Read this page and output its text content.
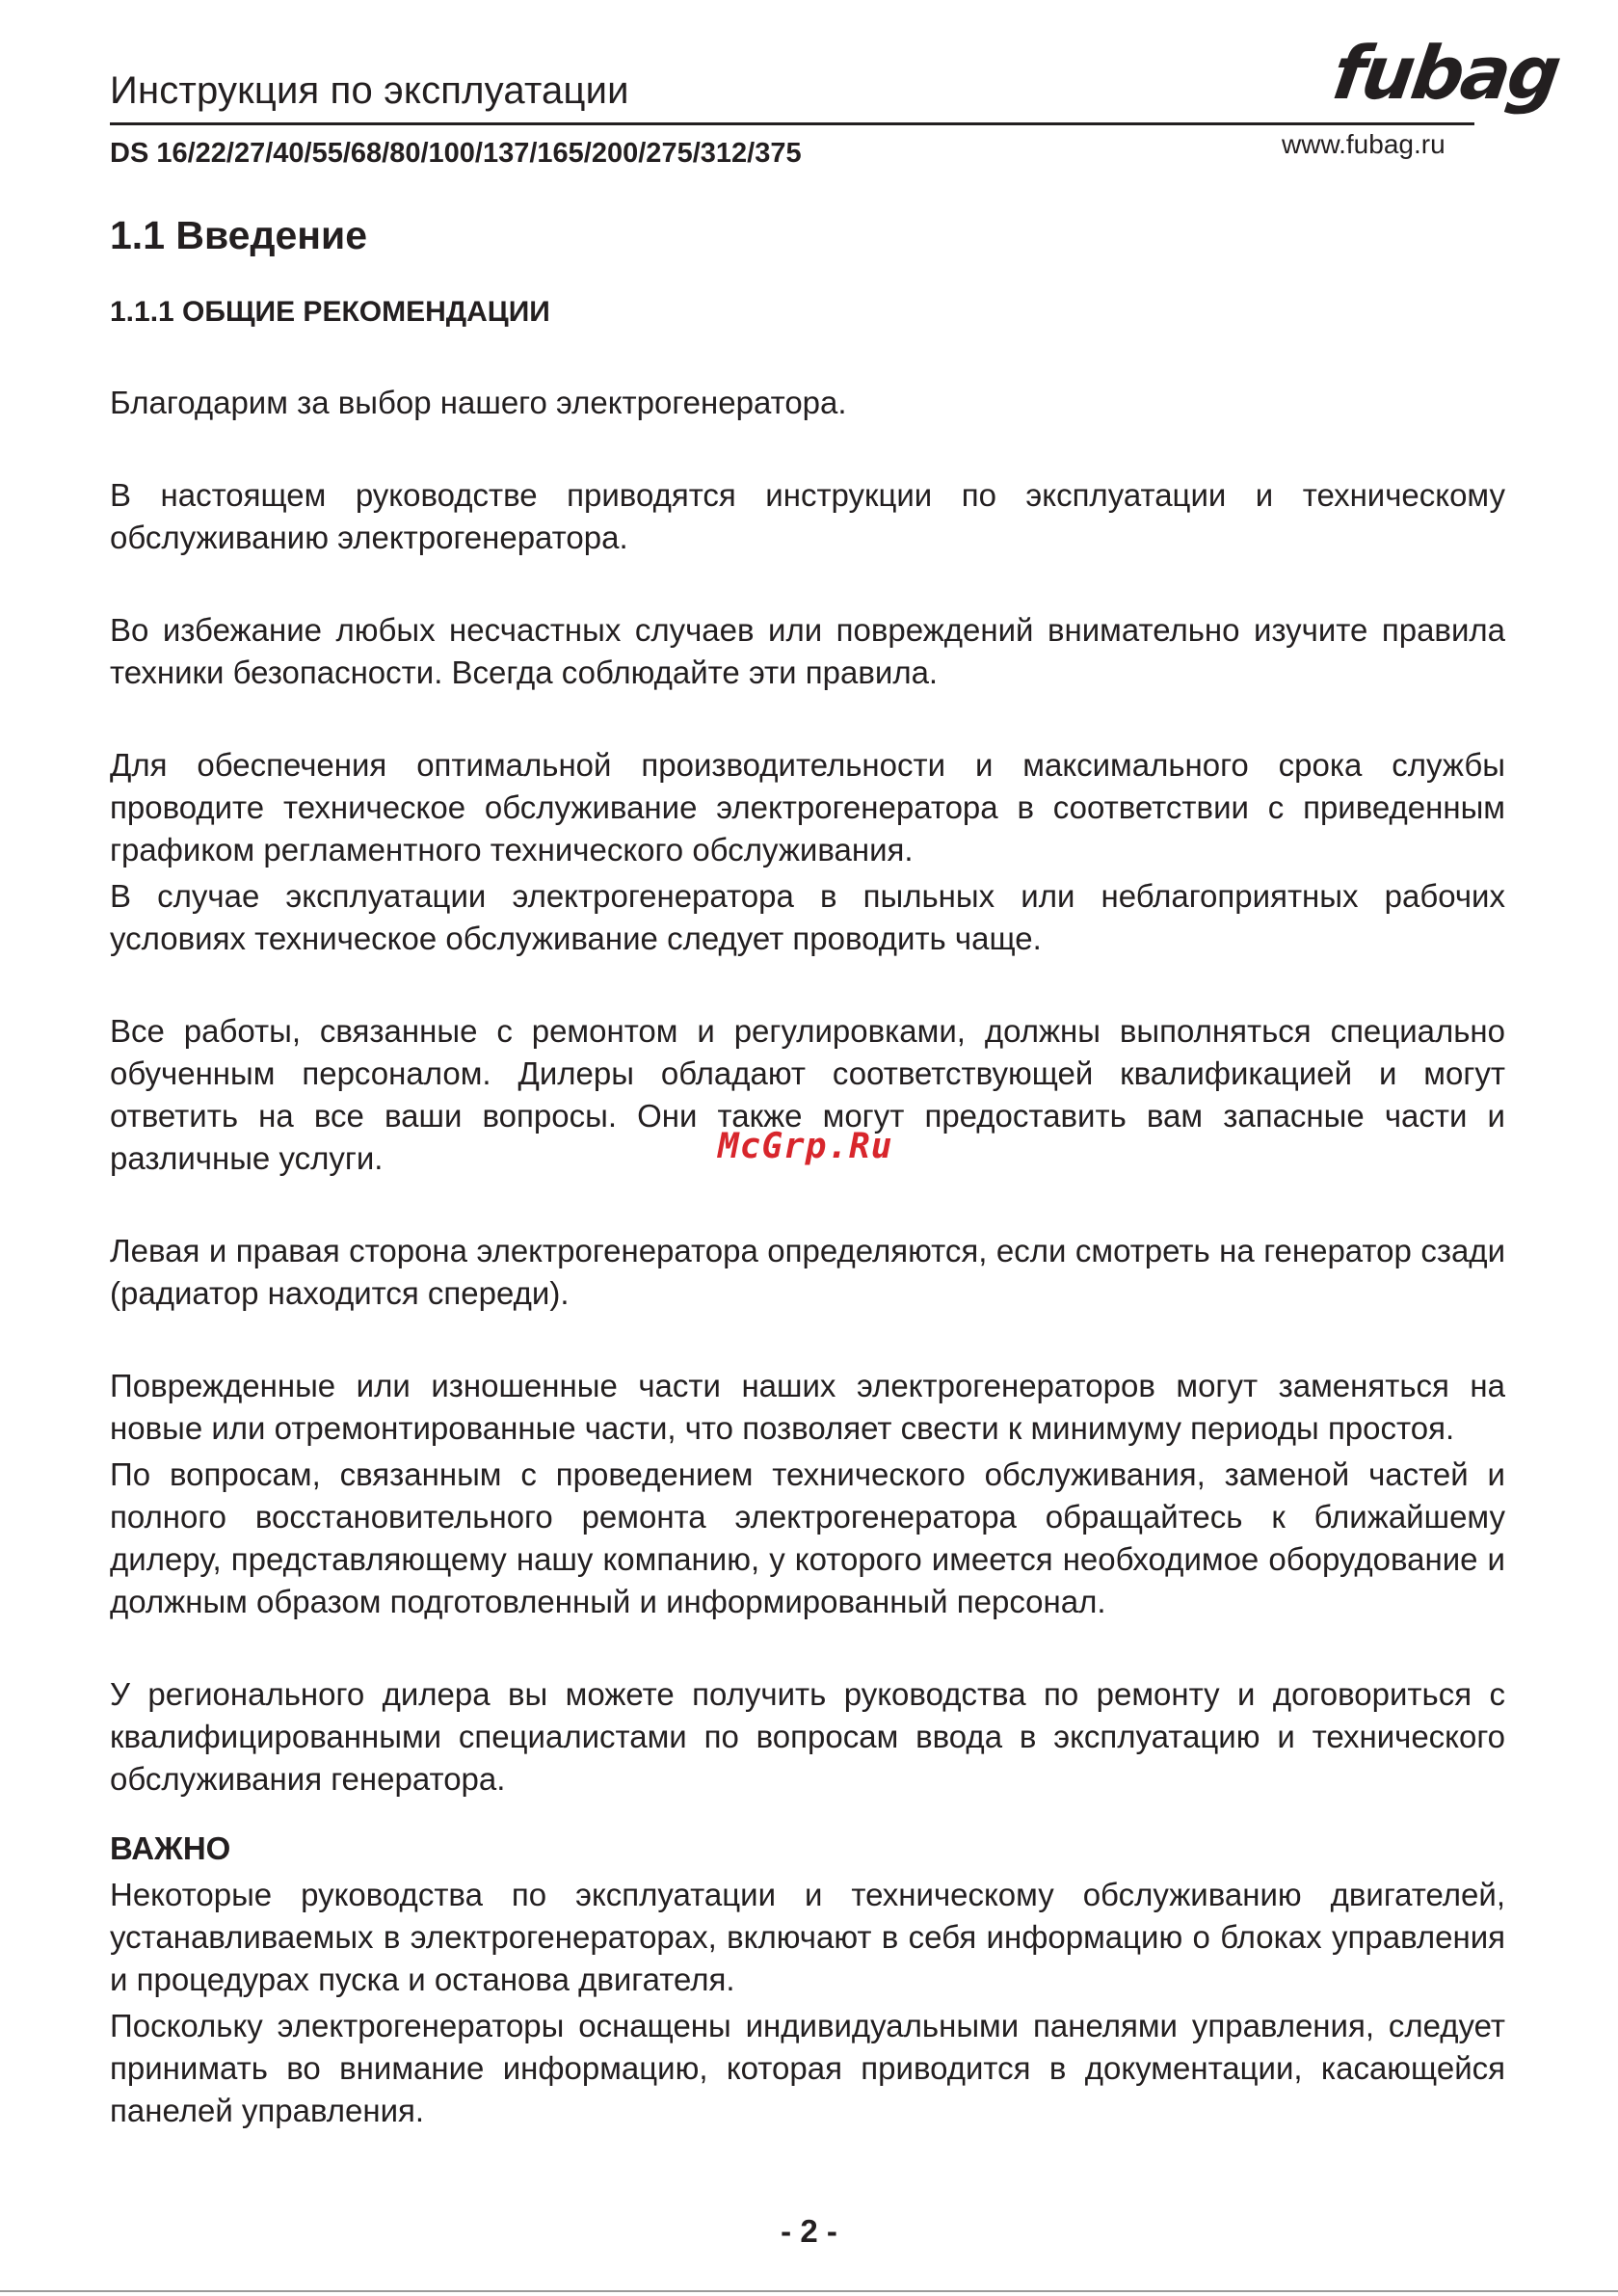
Инструкция по эксплуатации	fubag
DS 16/22/27/40/55/68/80/100/137/165/200/275/312/375	www.fubag.ru
1.1 Введение
1.1.1 ОБЩИЕ РЕКОМЕНДАЦИИ

Благодарим за выбор нашего электрогенератора.

В настоящем руководстве приводятся инструкции по эксплуатации и техническому обслуживанию электрогенератора.

Во избежание любых несчастных случаев или повреждений внимательно изучите правила техники безопасности. Всегда соблюдайте эти правила.

Для обеспечения оптимальной производительности и максимального срока службы проводите техническое обслуживание электрогенератора в соответствии с приведенным графиком регламентного технического обслуживания.

В случае эксплуатации электрогенератора в пыльных или неблагоприятных рабочих условиях техническое обслуживание следует проводить чаще.

Все работы, связанные с ремонтом и регулировками, должны выполняться специально обученным персоналом. Дилеры обладают соответствующей квалификацией и могут ответить на все ваши вопросы. Они также могут предоставить вам запасные части и различные услуги.

Левая и правая сторона электрогенератора определяются, если смотреть на генератор сзади (радиатор находится спереди).

Поврежденные или изношенные части наших электрогенераторов могут заменяться на новые или отремонтированные части, что позволяет свести к минимуму периоды простоя.

По вопросам, связанным с проведением технического обслуживания, заменой частей и полного восстановительного ремонта электрогенератора обращайтесь к ближайшему дилеру, представляющему нашу компанию, у которого имеется необходимое оборудование и должным образом подготовленный и информированный персонал.

У регионального дилера вы можете получить руководства по ремонту и договориться с квалифицированными специалистами по вопросам ввода в эксплуатацию и технического обслуживания генератора.

ВАЖНО

Некоторые руководства по эксплуатации и техническому обслуживанию двигателей, устанавливаемых в электрогенераторах, включают в себя информацию о блоках управления и процедурах пуска и останова двигателя.

Поскольку электрогенераторы оснащены индивидуальными панелями управления, следует принимать во внимание информацию, которая приводится в документации, касающейся панелей управления.

McGrp.Ru
- 2 -
